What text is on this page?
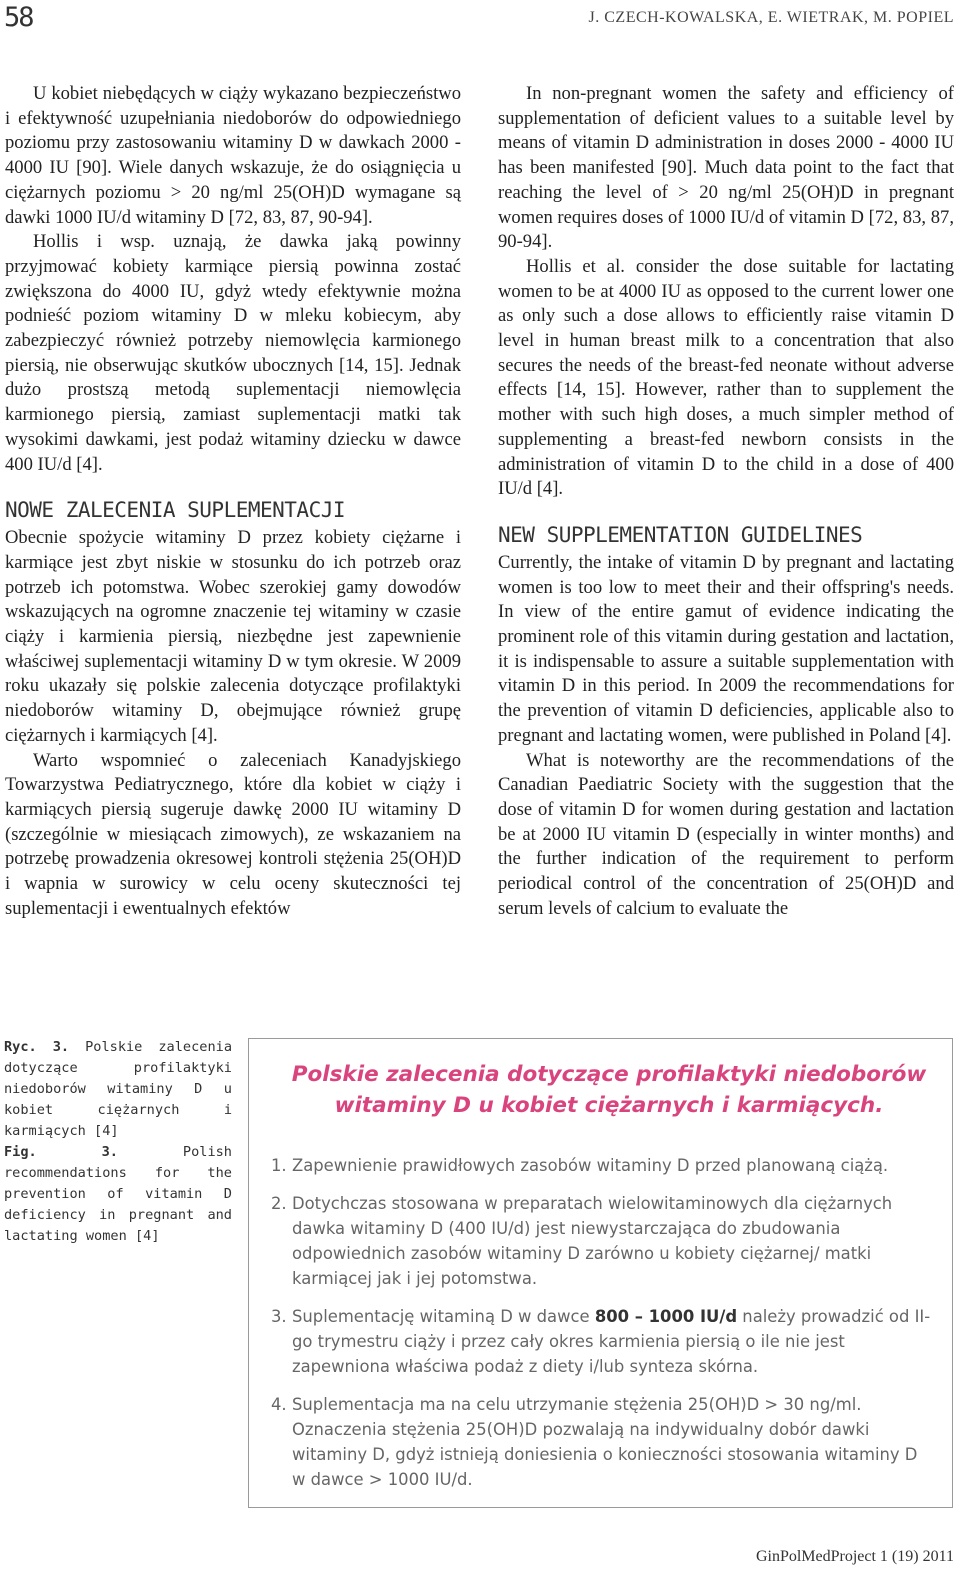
58	J. CZECH-KOWALSKA, E. WIETRAK, M. POPIEL

U kobiet niebędących w ciąży wykazano bezpieczeństwo i efektywność uzupełniania niedoborów do odpowiedniego poziomu przy zastosowaniu witaminy D w dawkach 2000 - 4000 IU [90]. Wiele danych wskazuje, że do osiągnięcia u ciężarnych poziomu > 20 ng/ml 25(OH)D wymagane są dawki 1000 IU/d witaminy D [72, 83, 87, 90-94].

Hollis i wsp. uznają, że dawka jaką powinny przyjmować kobiety karmiące piersią powinna zostać zwiększona do 4000 IU, gdyż wtedy efektywnie można podnieść poziom witaminy D w mleku kobiecym, aby zabezpieczyć również potrzeby niemowlęcia karmionego piersią, nie obserwując skutków ubocznych [14, 15]. Jednak dużo prostszą metodą suplementacji niemowlęcia karmionego piersią, zamiast suplementacji matki tak wysokimi dawkami, jest podaż witaminy dziecku w dawce 400 IU/d [4].

NOWE ZALECENIA SUPLEMENTACJI

Obecnie spożycie witaminy D przez kobiety ciężarne i karmiące jest zbyt niskie w stosunku do ich potrzeb oraz potrzeb ich potomstwa. Wobec szerokiej gamy dowodów wskazujących na ogromne znaczenie tej witaminy w czasie ciąży i karmienia piersią, niezbędne jest zapewnienie właściwej suplementacji witaminy D w tym okresie. W 2009 roku ukazały się polskie zalecenia dotyczące profilaktyki niedoborów witaminy D, obejmujące również grupę ciężarnych i karmiących [4].

Warto wspomnieć o zaleceniach Kanadyjskiego Towarzystwa Pediatrycznego, które dla kobiet w ciąży i karmiących piersią sugeruje dawkę 2000 IU witaminy D (szczególnie w miesiącach zimowych), ze wskazaniem na potrzebę prowadzenia okresowej kontroli stężenia 25(OH)D i wapnia w surowicy w celu oceny skuteczności tej suplementacji i ewentualnych efektów

In non-pregnant women the safety and efficiency of supplementation of deficient values to a suitable level by means of vitamin D administration in doses 2000 - 4000 IU has been manifested [90]. Much data point to the fact that reaching the level of > 20 ng/ml 25(OH)D in pregnant women requires doses of 1000 IU/d of vitamin D [72, 83, 87, 90-94].

Hollis et al. consider the dose suitable for lactating women to be at 4000 IU as opposed to the current lower one as only such a dose allows to efficiently raise vitamin D level in human breast milk to a concentration that also secures the needs of the breast-fed neonate without adverse effects [14, 15]. However, rather than to supplement the mother with such high doses, a much simpler method of supplementing a breast-fed newborn consists in the administration of vitamin D to the child in a dose of 400 IU/d [4].

NEW SUPPLEMENTATION GUIDELINES

Currently, the intake of vitamin D by pregnant and lactating women is too low to meet their and their offspring's needs. In view of the entire gamut of evidence indicating the prominent role of this vitamin during gestation and lactation, it is indispensable to assure a suitable supplementation with vitamin D in this period. In 2009 the recommendations for the prevention of vitamin D deficiencies, applicable also to pregnant and lactating women, were published in Poland [4].

What is noteworthy are the recommendations of the Canadian Paediatric Society with the suggestion that the dose of vitamin D for women during gestation and lactation be at 2000 IU vitamin D (especially in winter months) and the further indication of the requirement to perform periodical control of the concentration of 25(OH)D and serum levels of calcium to evaluate the

Ryc. 3. Polskie zalecenia dotyczące profilaktyki niedoborów witaminy D u kobiet ciężarnych i karmiących [4]

Fig. 3.	Polish recommendations for the prevention of vitamin D deficiency in pregnant and lactating women [4]

Polskie zalecenia dotyczące profilaktyki niedoborów witaminy D u kobiet ciężarnych i karmiących.
1. Zapewnienie prawidłowych zasobów witaminy D przed planowaną ciążą.
2. Dotychczas stosowana w preparatach wielowitaminowych dla ciężarnych dawka witaminy D (400 IU/d) jest niewystarczająca do zbudowania odpowiednich zasobów witaminy D zarówno u kobiety ciężarnej/ matki karmiącej jak i jej potomstwa.
3. Suplementację witaminą D w dawce 800 – 1000 IU/d należy prowadzić od II-go trymestru ciąży i przez cały okres karmienia piersią o ile nie jest zapewniona właściwa podaż z diety i/lub synteza skórna.
4. Suplementacja ma na celu utrzymanie stężenia 25(OH)D > 30 ng/ml. Oznaczenia stężenia 25(OH)D pozwalają na indywidualny dobór dawki witaminy D, gdyż istnieją doniesienia o konieczności stosowania witaminy D w dawce > 1000 IU/d.
GinPolMedProject 1 (19) 2011
